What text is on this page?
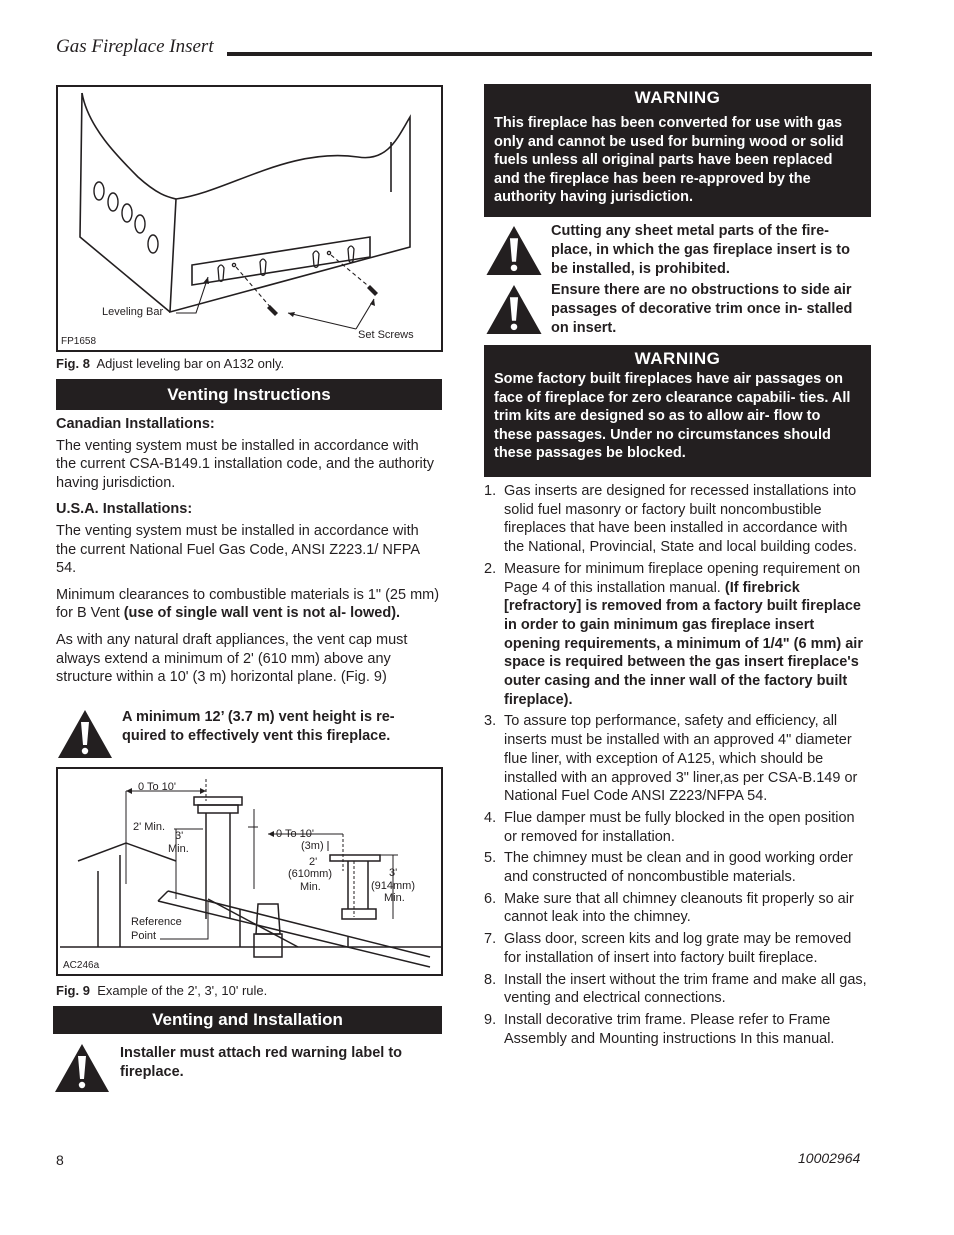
Gas Fireplace Insert
Leveling Bar
Set Screws
FP1658
Fig. 8 Adjust leveling bar on A132 only.
Venting Instructions

Canadian Installations:

The venting system must be installed in accordance with the current CSA-B149.1 installation code, and the authority having jurisdiction.

U.S.A. Installations:

The venting system must be installed in accordance with the current National Fuel Gas Code, ANSI Z223.1/ NFPA 54.

Minimum clearances to combustible materials is 1" (25 mm) for B Vent (use of single wall vent is not al- lowed).

As with any natural draft appliances, the vent cap must always extend a minimum of 2' (610 mm) above any structure within a 10' (3 m) horizontal plane. (Fig. 9)

A minimum 12’ (3.7 m) vent height is re- quired to effectively vent this fireplace.
0 To 10'
2' Min.
3'
Min.
0 To 10'
(3m)
2'
(610mm)
Min.
3'
(914mm)
Min.
Reference
Point
AC246a
Fig. 9 Example of the 2', 3', 10' rule.
Venting and Installation
Installer must attach red warning label to fireplace.
WARNING
This fireplace has been converted for use with gas only and cannot be used for burning wood or solid fuels unless all original parts have been replaced and the fireplace has been re-approved by the authority having jurisdiction.
Cutting any sheet metal parts of the fire- place, in which the gas fireplace insert is to be installed, is prohibited.
Ensure there are no obstructions to side air passages of decorative trim once in- stalled on insert.
WARNING
Some factory built fireplaces have air passages on face of fireplace for zero clearance capabili- ties. All trim kits are designed so as to allow air- flow to these passages. Under no circumstances should these passages be blocked.
1. Gas inserts are designed for recessed installations into solid fuel masonry or factory built noncombustible fireplaces that have been installed in accordance with the National, Provincial, State and local building codes.
2. Measure for minimum fireplace opening requirement on Page 4 of this installation manual. (If firebrick [refractory] is removed from a factory built fireplace in order to gain minimum gas fireplace insert opening requirements, a minimum of 1/4" (6 mm) air space is required between the gas insert fireplace's outer casing and the inner wall of the factory built fireplace).
3. To assure top performance, safety and efficiency, all inserts must be installed with an approved 4" diameter flue liner, with exception of A125, which should be installed with an approved 3" liner,as per CSA-B.149 or National Fuel Code ANSI Z223/NFPA 54.
4. Flue damper must be fully blocked in the open position or removed for installation.
5. The chimney must be clean and in good working order and constructed of noncombustible materials.
6. Make sure that all chimney cleanouts fit properly so air cannot leak into the chimney.
7. Glass door, screen kits and log grate may be removed for installation of insert into factory built fireplace.
8. Install the insert without the trim frame and make all gas, venting and electrical connections.
9. Install decorative trim frame. Please refer to Frame Assembly and Mounting instructions In this manual.
8	10002964
